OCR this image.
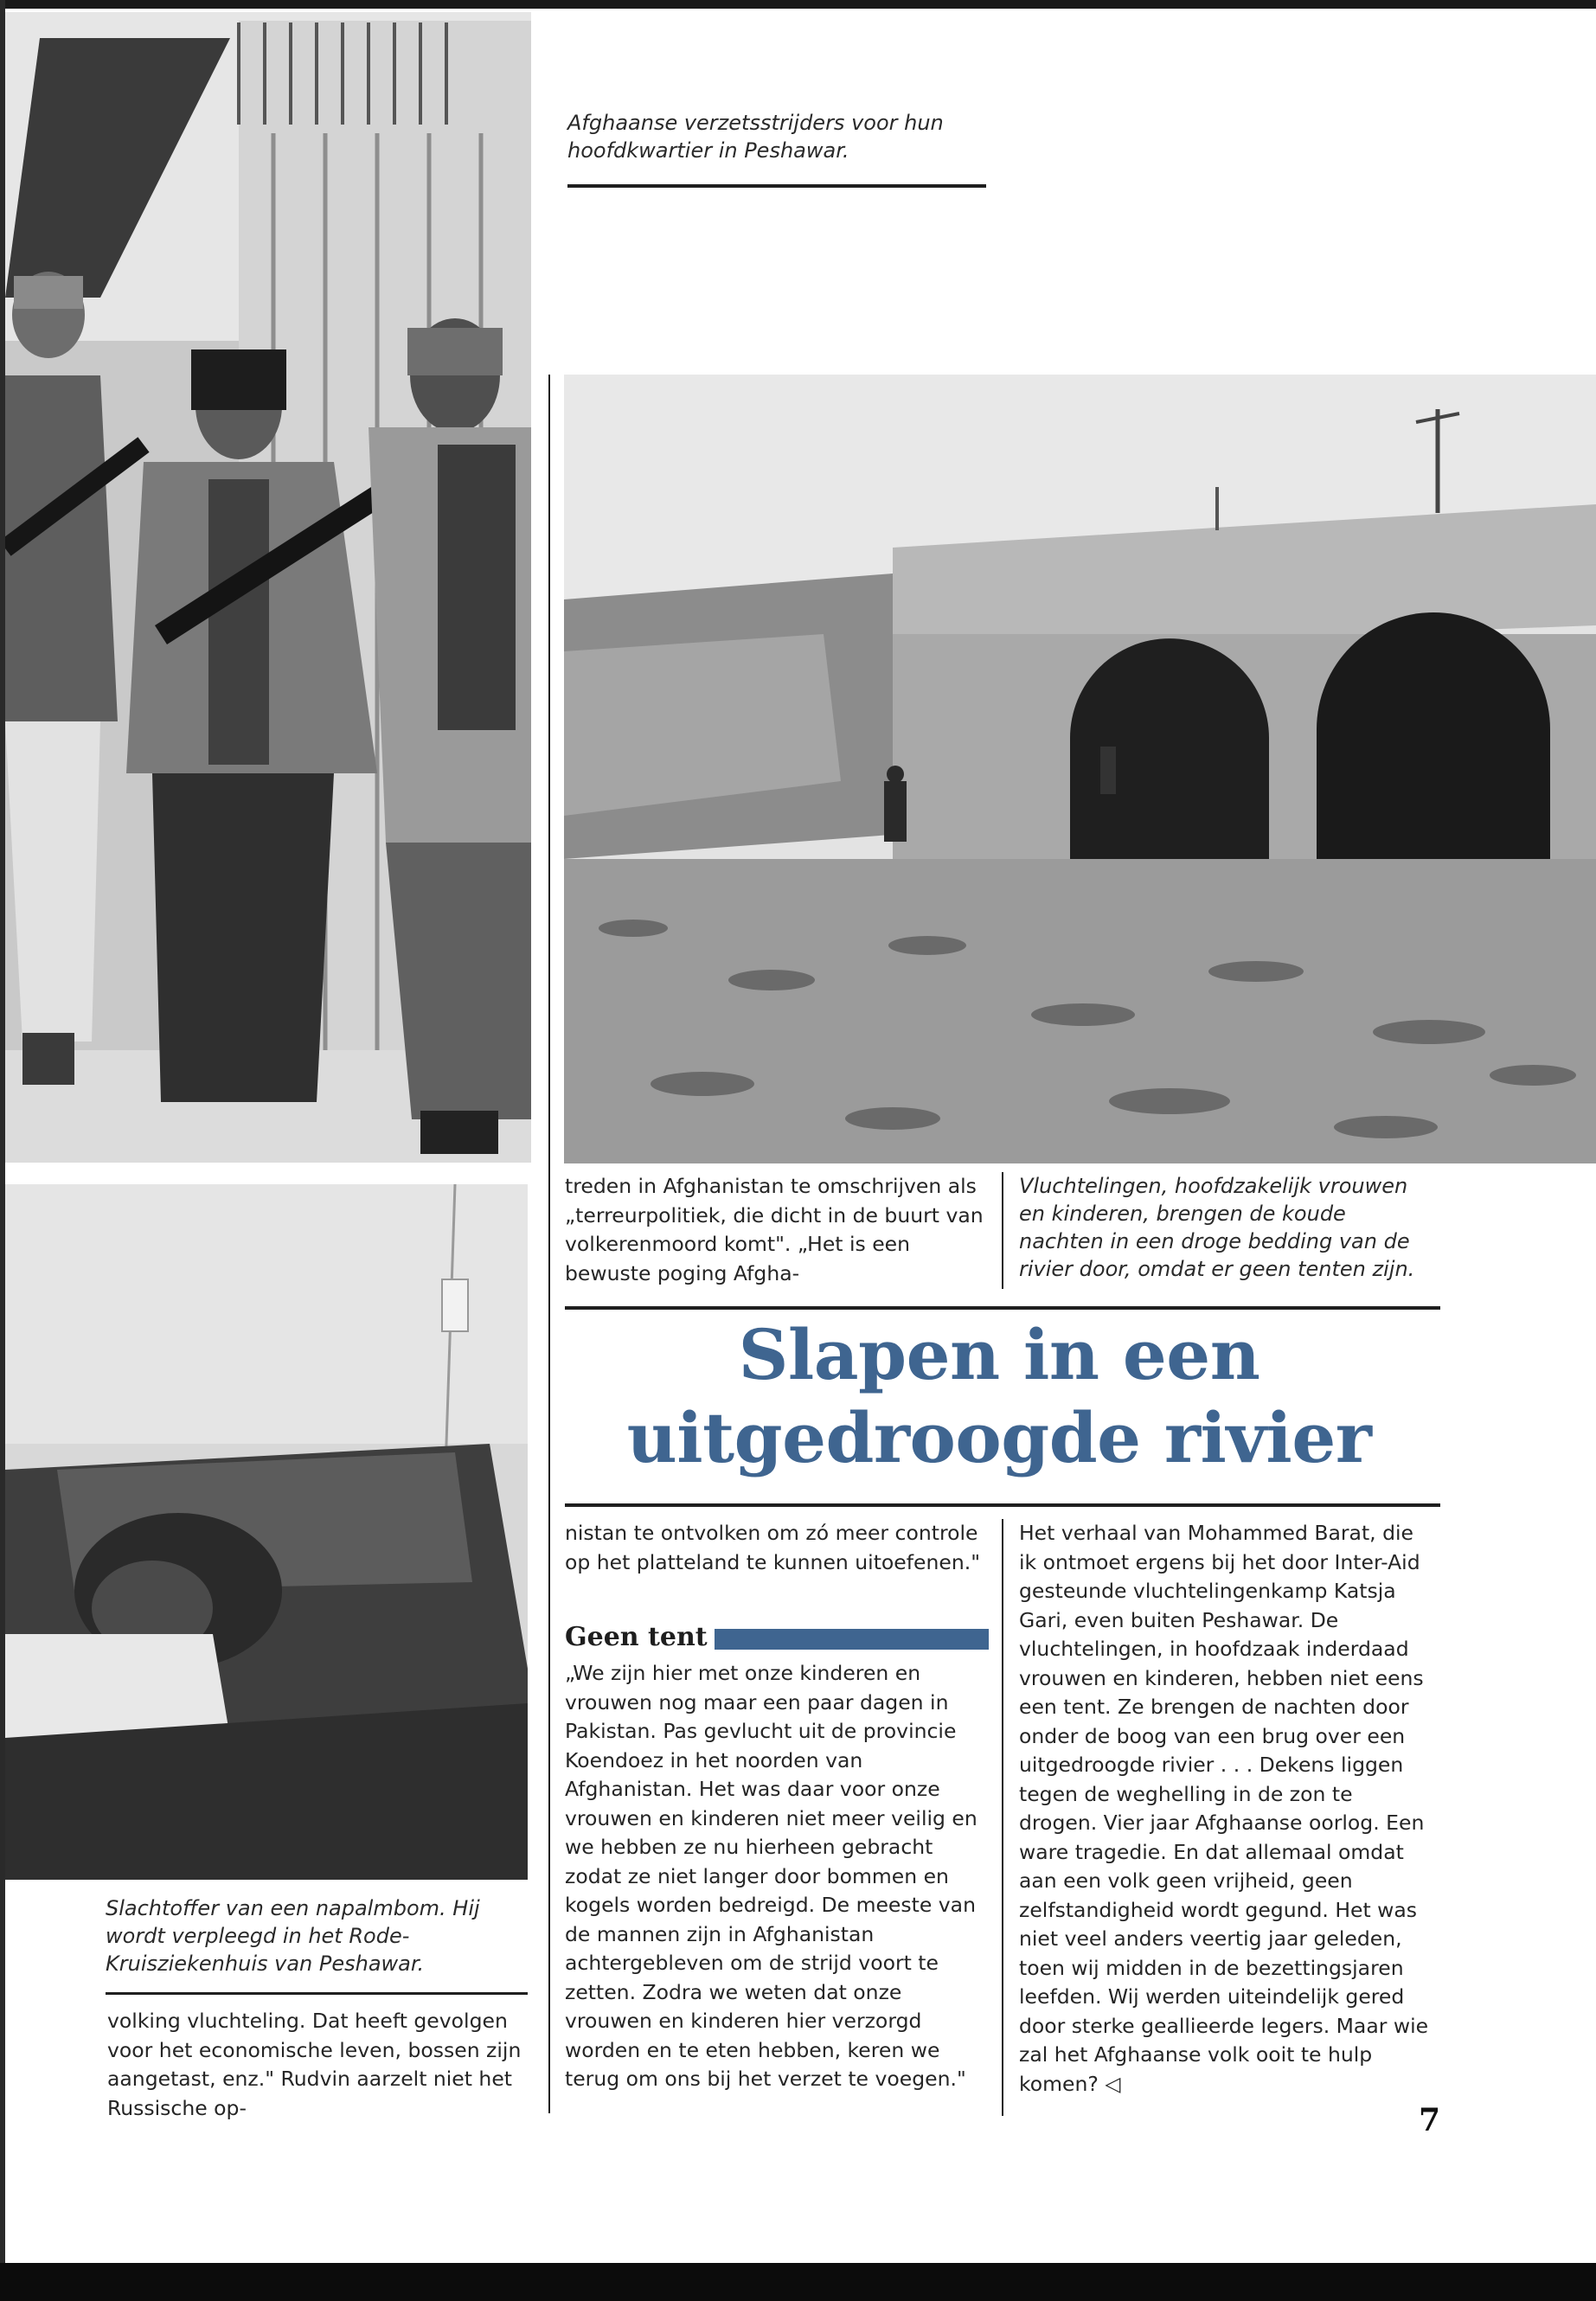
Afghaanse verzetsstrijders voor hun hoofdkwartier in Peshawar.
Vluchtelingen, hoofdzakelijk vrouwen en kinderen, brengen de koude nachten in een droge bedding van de rivier door, omdat er geen tenten zijn.
Slachtoffer van een napalmbom. Hij wordt verpleegd in het Rode-Kruisziekenhuis van Peshawar.

volking vluchteling. Dat heeft gevolgen voor het economische leven, bossen zijn aangetast, enz." Rudvin aarzelt niet het Russische op-

treden in Afghanistan te omschrijven als „terreurpolitiek, die dicht in de buurt van volkerenmoord komt". „Het is een bewuste poging Afgha-

Slapen in een
uitgedroogde rivier

nistan te ontvolken om zó meer controle op het platteland te kunnen uitoefenen."

Geen tent

„We zijn hier met onze kinderen en vrouwen nog maar een paar dagen in Pakistan. Pas gevlucht uit de provincie Koendoez in het noorden van Afghanistan. Het was daar voor onze vrouwen en kinderen niet meer veilig en we hebben ze nu hierheen gebracht zodat ze niet langer door bommen en kogels worden bedreigd. De meeste van de mannen zijn in Afghanistan achtergebleven om de strijd voort te zetten. Zodra we weten dat onze vrouwen en kinderen hier verzorgd worden en te eten hebben, keren we terug om ons bij het verzet te voegen."

Het verhaal van Mohammed Barat, die ik ontmoet ergens bij het door Inter-Aid gesteunde vluchtelingenkamp Katsja Gari, even buiten Peshawar. De vluchtelingen, in hoofdzaak inderdaad vrouwen en kinderen, hebben niet eens een tent. Ze brengen de nachten door onder de boog van een brug over een uitgedroogde rivier . . . Dekens liggen tegen de weghelling in de zon te drogen. Vier jaar Afghaanse oorlog. Een ware tragedie. En dat allemaal omdat aan een volk geen vrijheid, geen zelfstandigheid wordt gegund. Het was niet veel anders veertig jaar geleden, toen wij midden in de bezettingsjaren leefden. Wij werden uiteindelijk gered door sterke geallieerde legers. Maar wie zal het Afghaanse volk ooit te hulp komen? ◁

7
